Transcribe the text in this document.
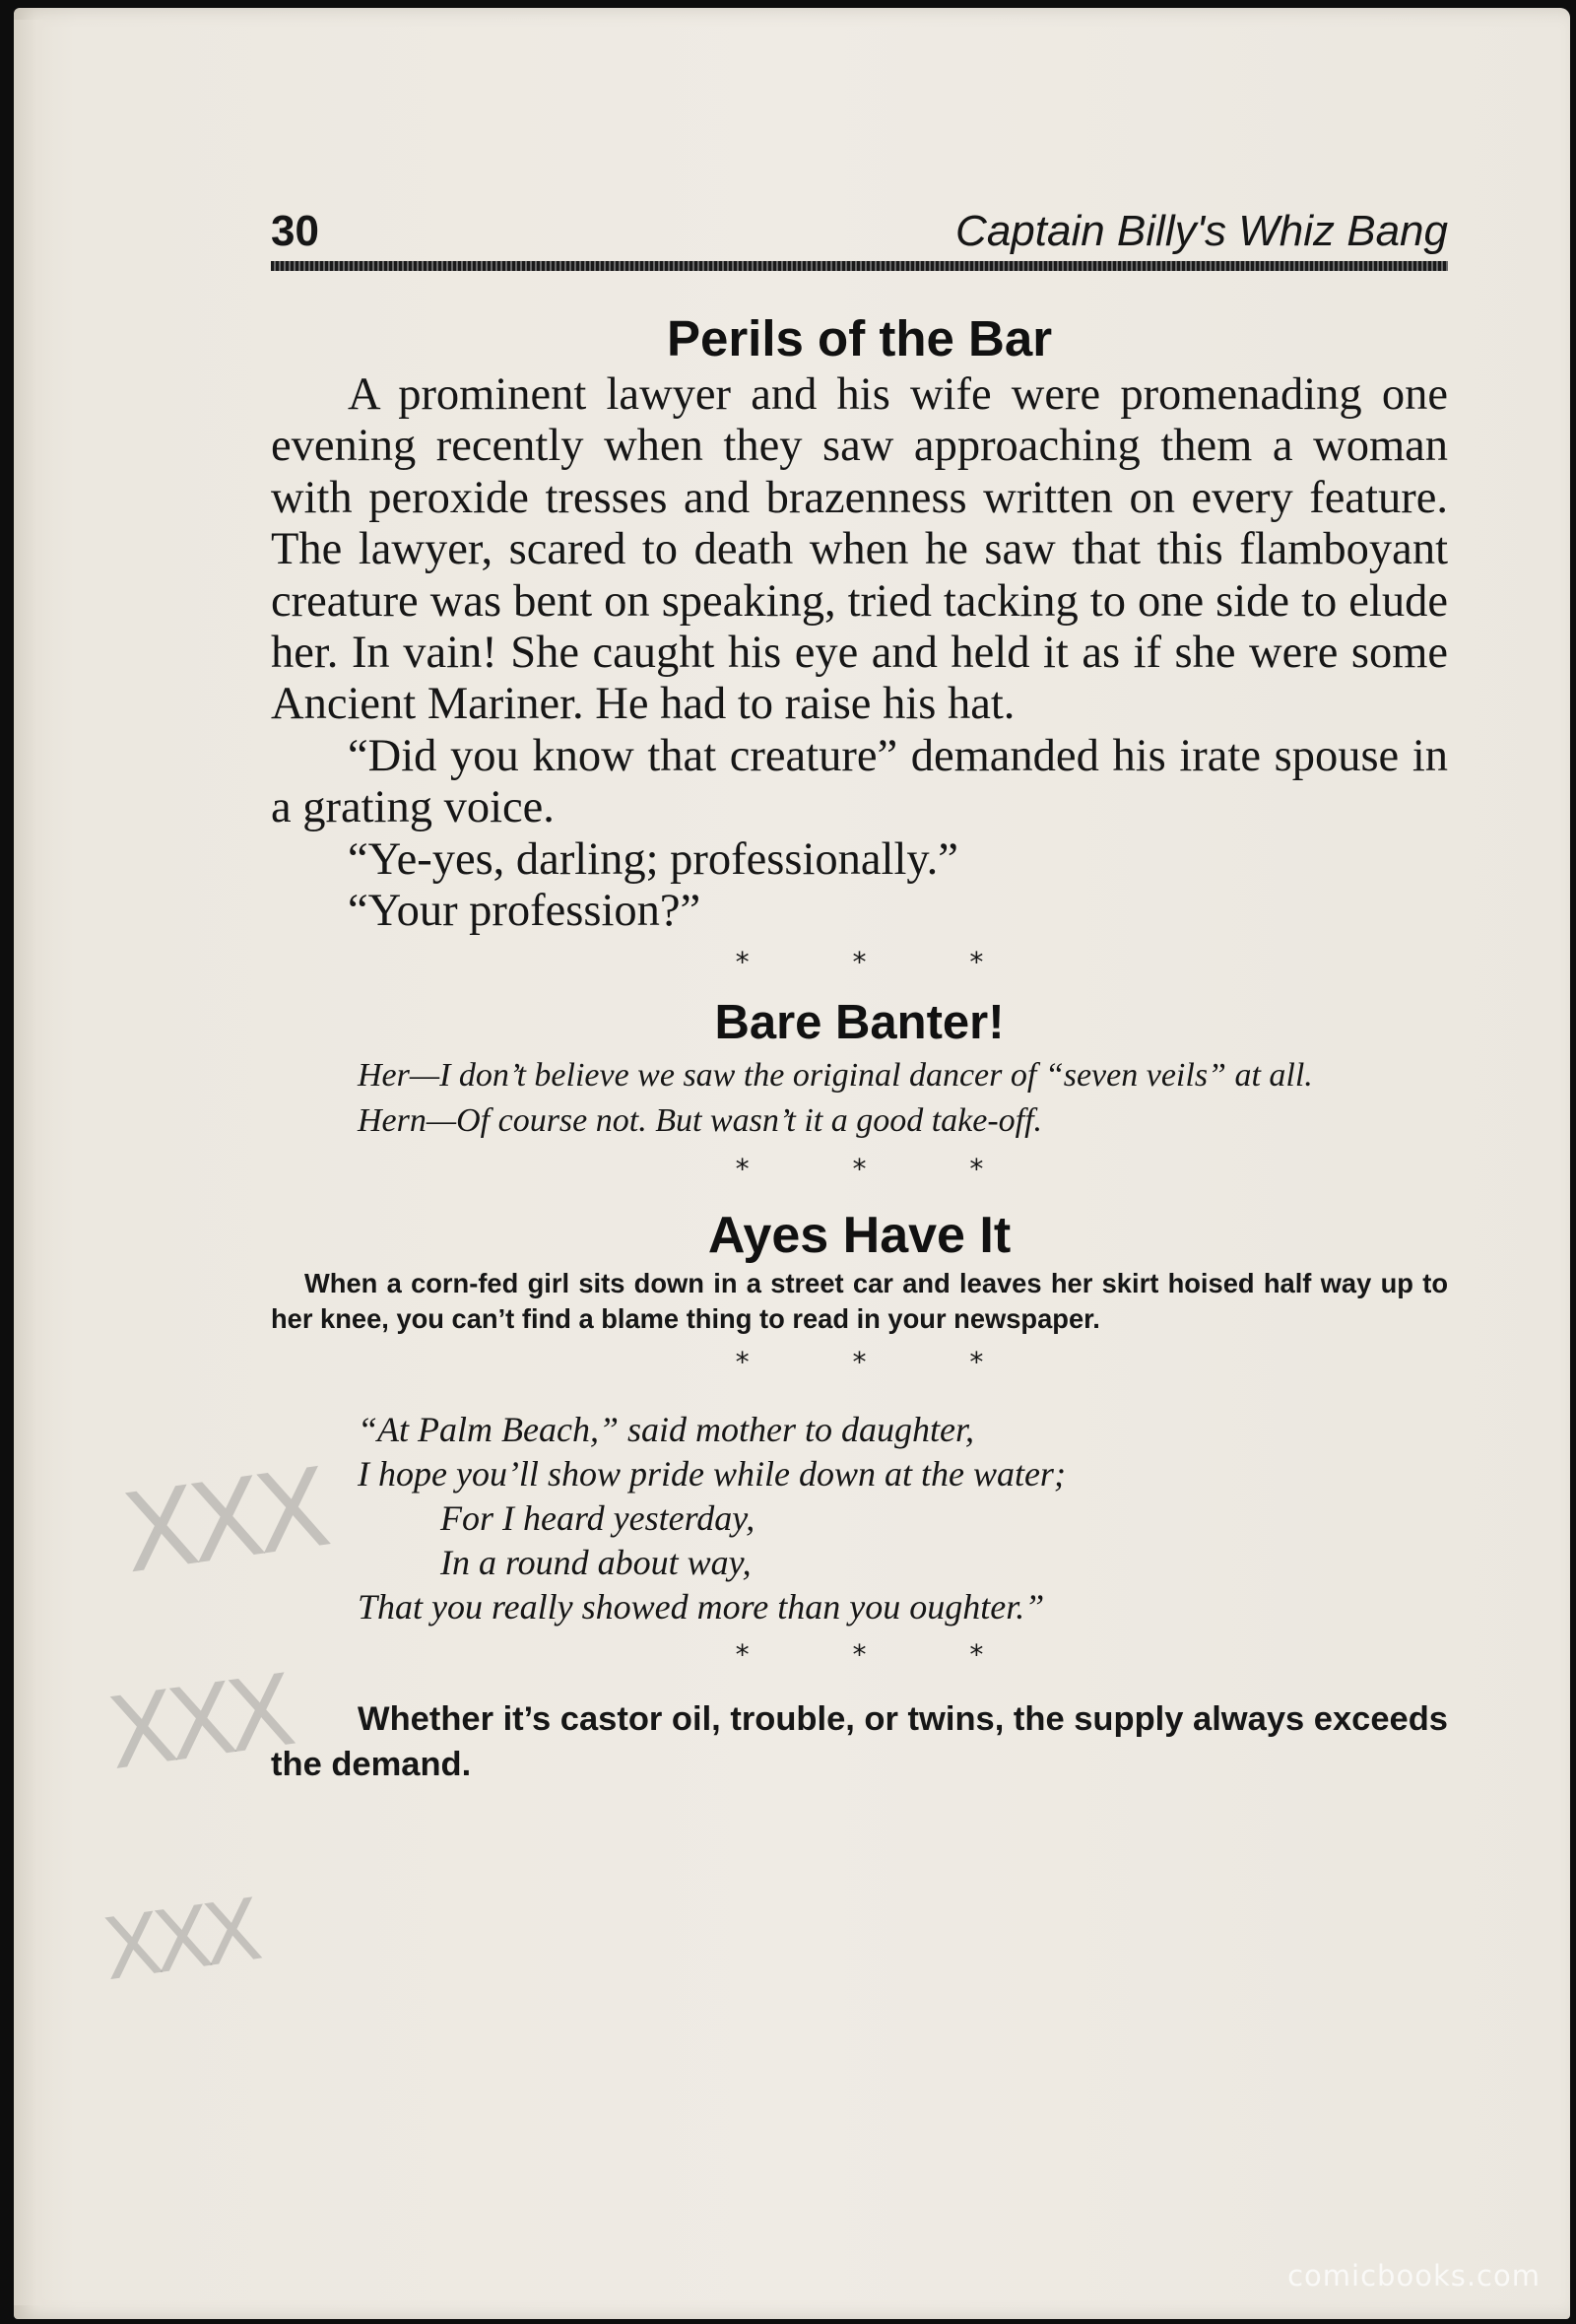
30	Captain Billy's Whiz Bang
Perils of the Bar

A prominent lawyer and his wife were promenading one evening recently when they saw approaching them a woman with peroxide tresses and brazenness written on every feature. The lawyer, scared to death when he saw that this flamboyant creature was bent on speaking, tried tacking to one side to elude her. In vain! She caught his eye and held it as if she were some Ancient Mariner. He had to raise his hat.

“Did you know that creature” demanded his irate spouse in a grating voice.

“Ye-yes, darling; professionally.”

“Your profession?”

* * *
Bare Banter!

Her—I don’t believe we saw the original dancer of “seven veils” at all.

Hern—Of course not. But wasn’t it a good take-off.

* * *
Ayes Have It

When a corn-fed girl sits down in a street car and leaves her skirt hoised half way up to her knee, you can’t find a blame thing to read in your newspaper.

* * *
“At Palm Beach,” said mother to daughter,
I hope you’ll show pride while down at the water;
For I heard yesterday,
In a round about way,
That you really showed more than you oughter.”
* * *

Whether it’s castor oil, trouble, or twins, the supply always exceeds the demand.

XXX
XXX
XXX
comicbooks.com
